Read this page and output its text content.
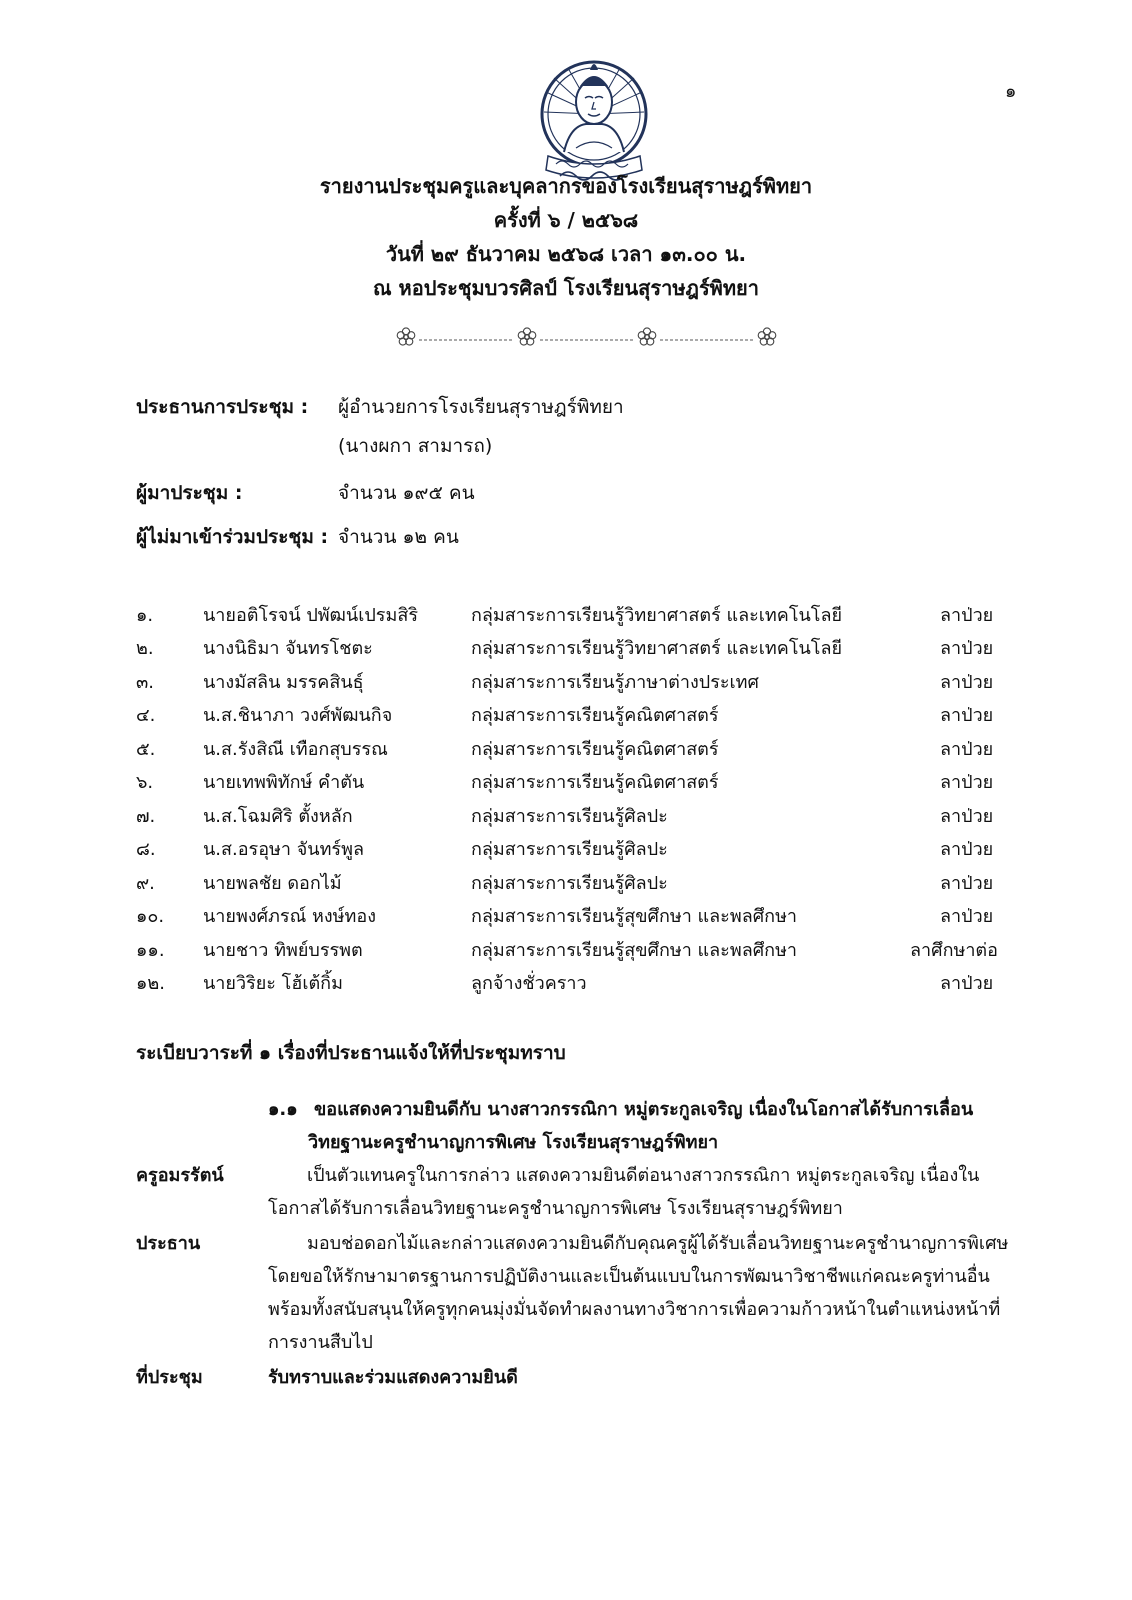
๑
รายงานประชุมครูและบุคลากรของโรงเรียนสุราษฎร์พิทยา
ครั้งที่ ๖ / ๒๕๖๘
วันที่ ๒๙ ธันวาคม ๒๕๖๘ เวลา ๑๓.๐๐ น.
ณ หอประชุมบวรศิลป์ โรงเรียนสุราษฎร์พิทยา
ประธานการประชุม : ผู้อำนวยการโรงเรียนสุราษฎร์พิทยา
(นางผกา สามารถ)
ผู้มาประชุม :	จำนวน ๑๙๕ คน
ผู้ไม่มาเข้าร่วมประชุม : จำนวน ๑๒ คน
๑.	นายอติโรจน์ ปพัฒน์เปรมสิริ	กลุ่มสาระการเรียนรู้วิทยาศาสตร์ และเทคโนโลยี	ลาป่วย
๒.	นางนิธิมา จันทรโชตะ	กลุ่มสาระการเรียนรู้วิทยาศาสตร์ และเทคโนโลยี	ลาป่วย
๓.	นางมัสลิน มรรคสินธุ์	กลุ่มสาระการเรียนรู้ภาษาต่างประเทศ	ลาป่วย
๔.	น.ส.ชินาภา วงศ์พัฒนกิจ	กลุ่มสาระการเรียนรู้คณิตศาสตร์	ลาป่วย
๕.	น.ส.รังสิณี เทือกสุบรรณ	กลุ่มสาระการเรียนรู้คณิตศาสตร์	ลาป่วย
๖.	นายเทพพิทักษ์ คำตัน	กลุ่มสาระการเรียนรู้คณิตศาสตร์	ลาป่วย
๗.	น.ส.โฉมศิริ ตั้งหลัก	กลุ่มสาระการเรียนรู้ศิลปะ	ลาป่วย
๘.	น.ส.อรอุษา จันทร์พูล	กลุ่มสาระการเรียนรู้ศิลปะ	ลาป่วย
๙.	นายพลชัย ดอกไม้	กลุ่มสาระการเรียนรู้ศิลปะ	ลาป่วย
๑๐. นายพงศ์ภรณ์ หงษ์ทอง	กลุ่มสาระการเรียนรู้สุขศึกษา และพลศึกษา	ลาป่วย
๑๑. นายชาว ทิพย์บรรพต	กลุ่มสาระการเรียนรู้สุขศึกษา และพลศึกษา	ลาศึกษาต่อ
๑๒. นายวิริยะ โฮ้เต้กิ้ม	ลูกจ้างชั่วคราว	ลาป่วย
ระเบียบวาระที่ ๑ เรื่องที่ประธานแจ้งให้ที่ประชุมทราบ
๑.๑ ขอแสดงความยินดีกับ นางสาวกรรณิกา หมู่ตระกูลเจริญ เนื่องในโอกาสได้รับการเลื่อน
วิทยฐานะครูชำนาญการพิเศษ โรงเรียนสุราษฎร์พิทยา
ครูอมรรัตน์	เป็นตัวแทนครูในการกล่าว แสดงความยินดีต่อนางสาวกรรณิกา หมู่ตระกูลเจริญ เนื่องใน
โอกาสได้รับการเลื่อนวิทยฐานะครูชำนาญการพิเศษ โรงเรียนสุราษฎร์พิทยา
ประธาน	มอบช่อดอกไม้และกล่าวแสดงความยินดีกับคุณครูผู้ได้รับเลื่อนวิทยฐานะครูชำนาญการพิเศษ
โดยขอให้รักษามาตรฐานการปฏิบัติงานและเป็นต้นแบบในการพัฒนาวิชาชีพแก่คณะครูท่านอื่น
พร้อมทั้งสนับสนุนให้ครูทุกคนมุ่งมั่นจัดทำผลงานทางวิชาการเพื่อความก้าวหน้าในตำแหน่งหน้าที่
การงานสืบไป
ที่ประชุม	รับทราบและร่วมแสดงความยินดี
